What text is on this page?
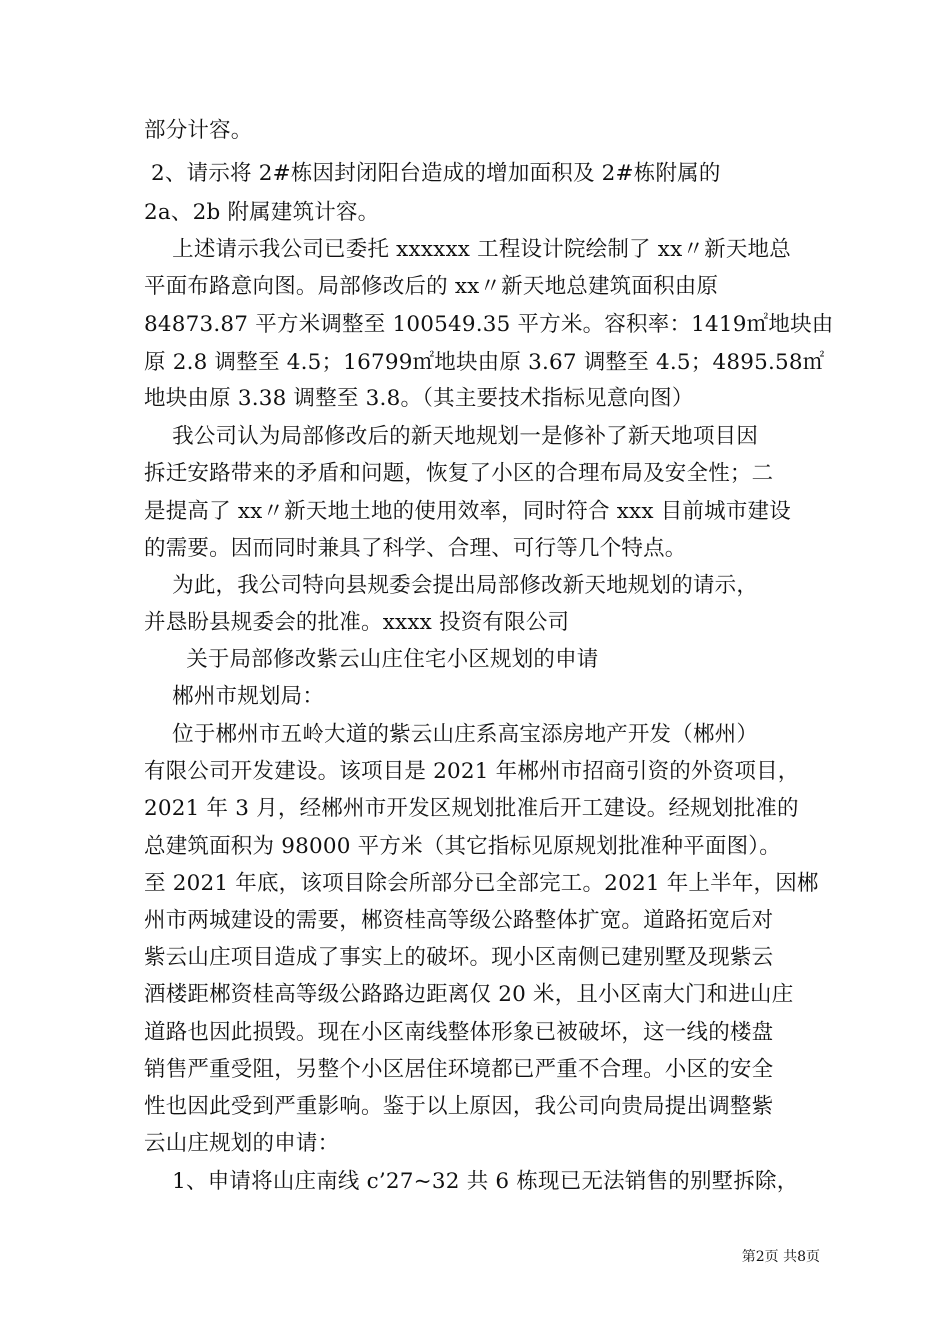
部分计容。
2、请示将 2#栋因封闭阳台造成的增加面积及 2#栋附属的
2a、2b 附属建筑计容。
上述请示我公司已委托 xxxxxx 工程设计院绘制了 xx〃新天地总
平面布路意向图。局部修改后的 xx〃新天地总建筑面积由原
84873.87 平方米调整至 100549.35 平方米。容积率：1419㎡地块由
原 2.8 调整至 4.5；16799㎡地块由原 3.67 调整至 4.5；4895.58㎡
地块由原 3.38 调整至 3.8。（其主要技术指标见意向图）
我公司认为局部修改后的新天地规划一是修补了新天地项目因
拆迁安路带来的矛盾和问题，恢复了小区的合理布局及安全性；二
是提高了 xx〃新天地土地的使用效率，同时符合 xxx 目前城市建设
的需要。因而同时兼具了科学、合理、可行等几个特点。
为此，我公司特向县规委会提出局部修改新天地规划的请示，
并恳盼县规委会的批准。xxxx 投资有限公司
关于局部修改紫云山庄住宅小区规划的申请
郴州市规划局：
位于郴州市五岭大道的紫云山庄系高宝添房地产开发（郴州）
有限公司开发建设。该项目是 2021 年郴州市招商引资的外资项目，
2021 年 3 月，经郴州市开发区规划批准后开工建设。经规划批准的
总建筑面积为 98000 平方米（其它指标见原规划批准种平面图）。
至 2021 年底，该项目除会所部分已全部完工。2021 年上半年，因郴
州市两城建设的需要，郴资桂高等级公路整体扩宽。道路拓宽后对
紫云山庄项目造成了事实上的破坏。现小区南侧已建别墅及现紫云
酒楼距郴资桂高等级公路路边距离仅 20 米，且小区南大门和进山庄
道路也因此损毁。现在小区南线整体形象已被破坏，这一线的楼盘
销售严重受阻，另整个小区居住环境都已严重不合理。小区的安全
性也因此受到严重影响。鉴于以上原因，我公司向贵局提出调整紫
云山庄规划的申请：
1、申请将山庄南线 c’27~32 共 6 栋现已无法销售的别墅拆除，
第2页 共8页
